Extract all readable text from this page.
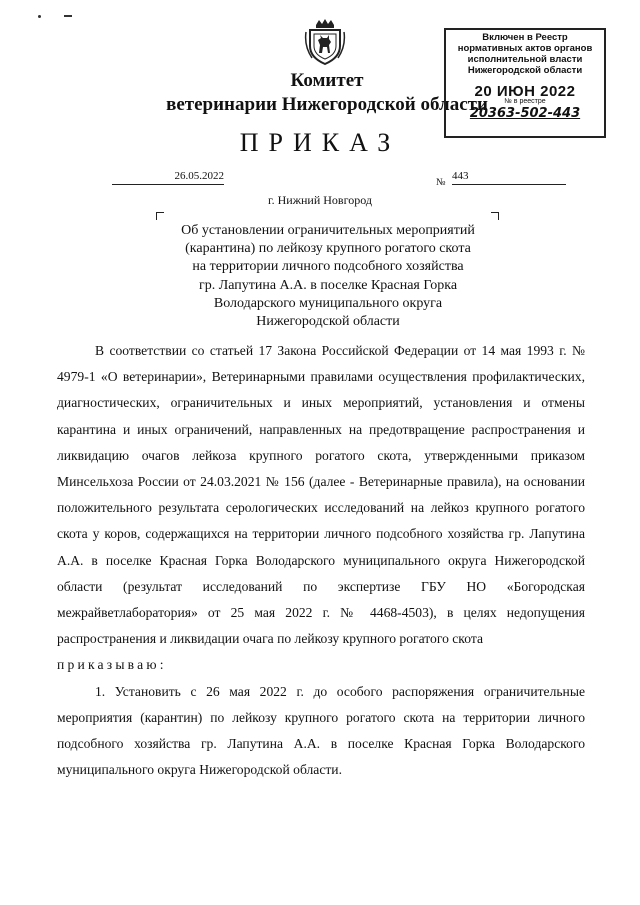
Комитет
ветеринарии Нижегородской области
Включен в Реестр
нормативных актов органов
исполнительной власти
Нижегородской области
20 ИЮН 2022
№ в реестре
20363-502-443
ПРИКАЗ
26.05.2022
№
443
г. Нижний Новгород
Об установлении ограничительных мероприятий
(карантина) по лейкозу крупного рогатого скота
на территории личного подсобного хозяйства
гр. Лапутина А.А. в поселке Красная Горка
Володарского муниципального округа
Нижегородской области

В соответствии со статьей 17 Закона Российской Федерации от 14 мая 1993 г. № 4979-1 «О ветеринарии», Ветеринарными правилами осуществления профилактических, диагностических, ограничительных и иных мероприятий, установления и отмены карантина и иных ограничений, направленных на предотвращение распространения и ликвидацию очагов лейкоза крупного рогатого скота, утвержденными приказом Минсельхоза России от 24.03.2021 № 156 (далее - Ветеринарные правила), на основании положительного результата серологических исследований на лейкоз крупного рогатого скота у коров, содержащихся на территории личного подсобного хозяйства гр. Лапутина А.А. в поселке Красная Горка Володарского муниципального округа Нижегородской области (результат исследований по экспертизе ГБУ НО «Богородская межрайветлаборатория» от 25 мая 2022 г. № 4468-4503), в целях недопущения распространения и ликвидации очага по лейкозу крупного рогатого скота

приказываю:

1. Установить с 26 мая 2022 г. до особого распоряжения ограничительные мероприятия (карантин) по лейкозу крупного рогатого скота на территории личного подсобного хозяйства гр. Лапутина А.А. в поселке Красная Горка Володарского муниципального округа Нижегородской области.
